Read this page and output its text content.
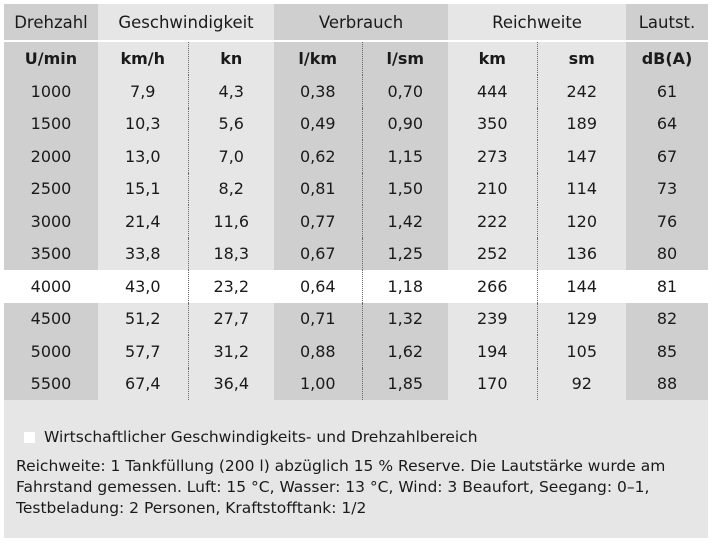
Drehzahl	Geschwindigkeit		Verbrauch		Reichweite		Lautst.
U/min	km/h	kn	l/km	l/sm	km	sm	dB(A)
1000	7,9	4,3	0,38	0,70	444	242	61
1500	10,3	5,6	0,49	0,90	350	189	64
2000	13,0	7,0	0,62	1,15	273	147	67
2500	15,1	8,2	0,81	1,50	210	114	73
3000	21,4	11,6	0,77	1,42	222	120	76
3500	33,8	18,3	0,67	1,25	252	136	80
4000	43,0	23,2	0,64	1,18	266	144	81
4500	51,2	27,7	0,71	1,32	239	129	82
5000	57,7	31,2	0,88	1,62	194	105	85
5500	67,4	36,4	1,00	1,85	170	92	88
Wirtschaftlicher Geschwindigkeits- und Drehzahlbereich
Reichweite: 1 Tankfüllung (200 l) abzüglich 15 % Reserve. Die Lautstärke wurde am
Fahrstand gemessen. Luft: 15 °C, Wasser: 13 °C, Wind: 3 Beaufort, Seegang: 0–1,
Testbeladung: 2 Personen, Kraftstofftank: 1/2
